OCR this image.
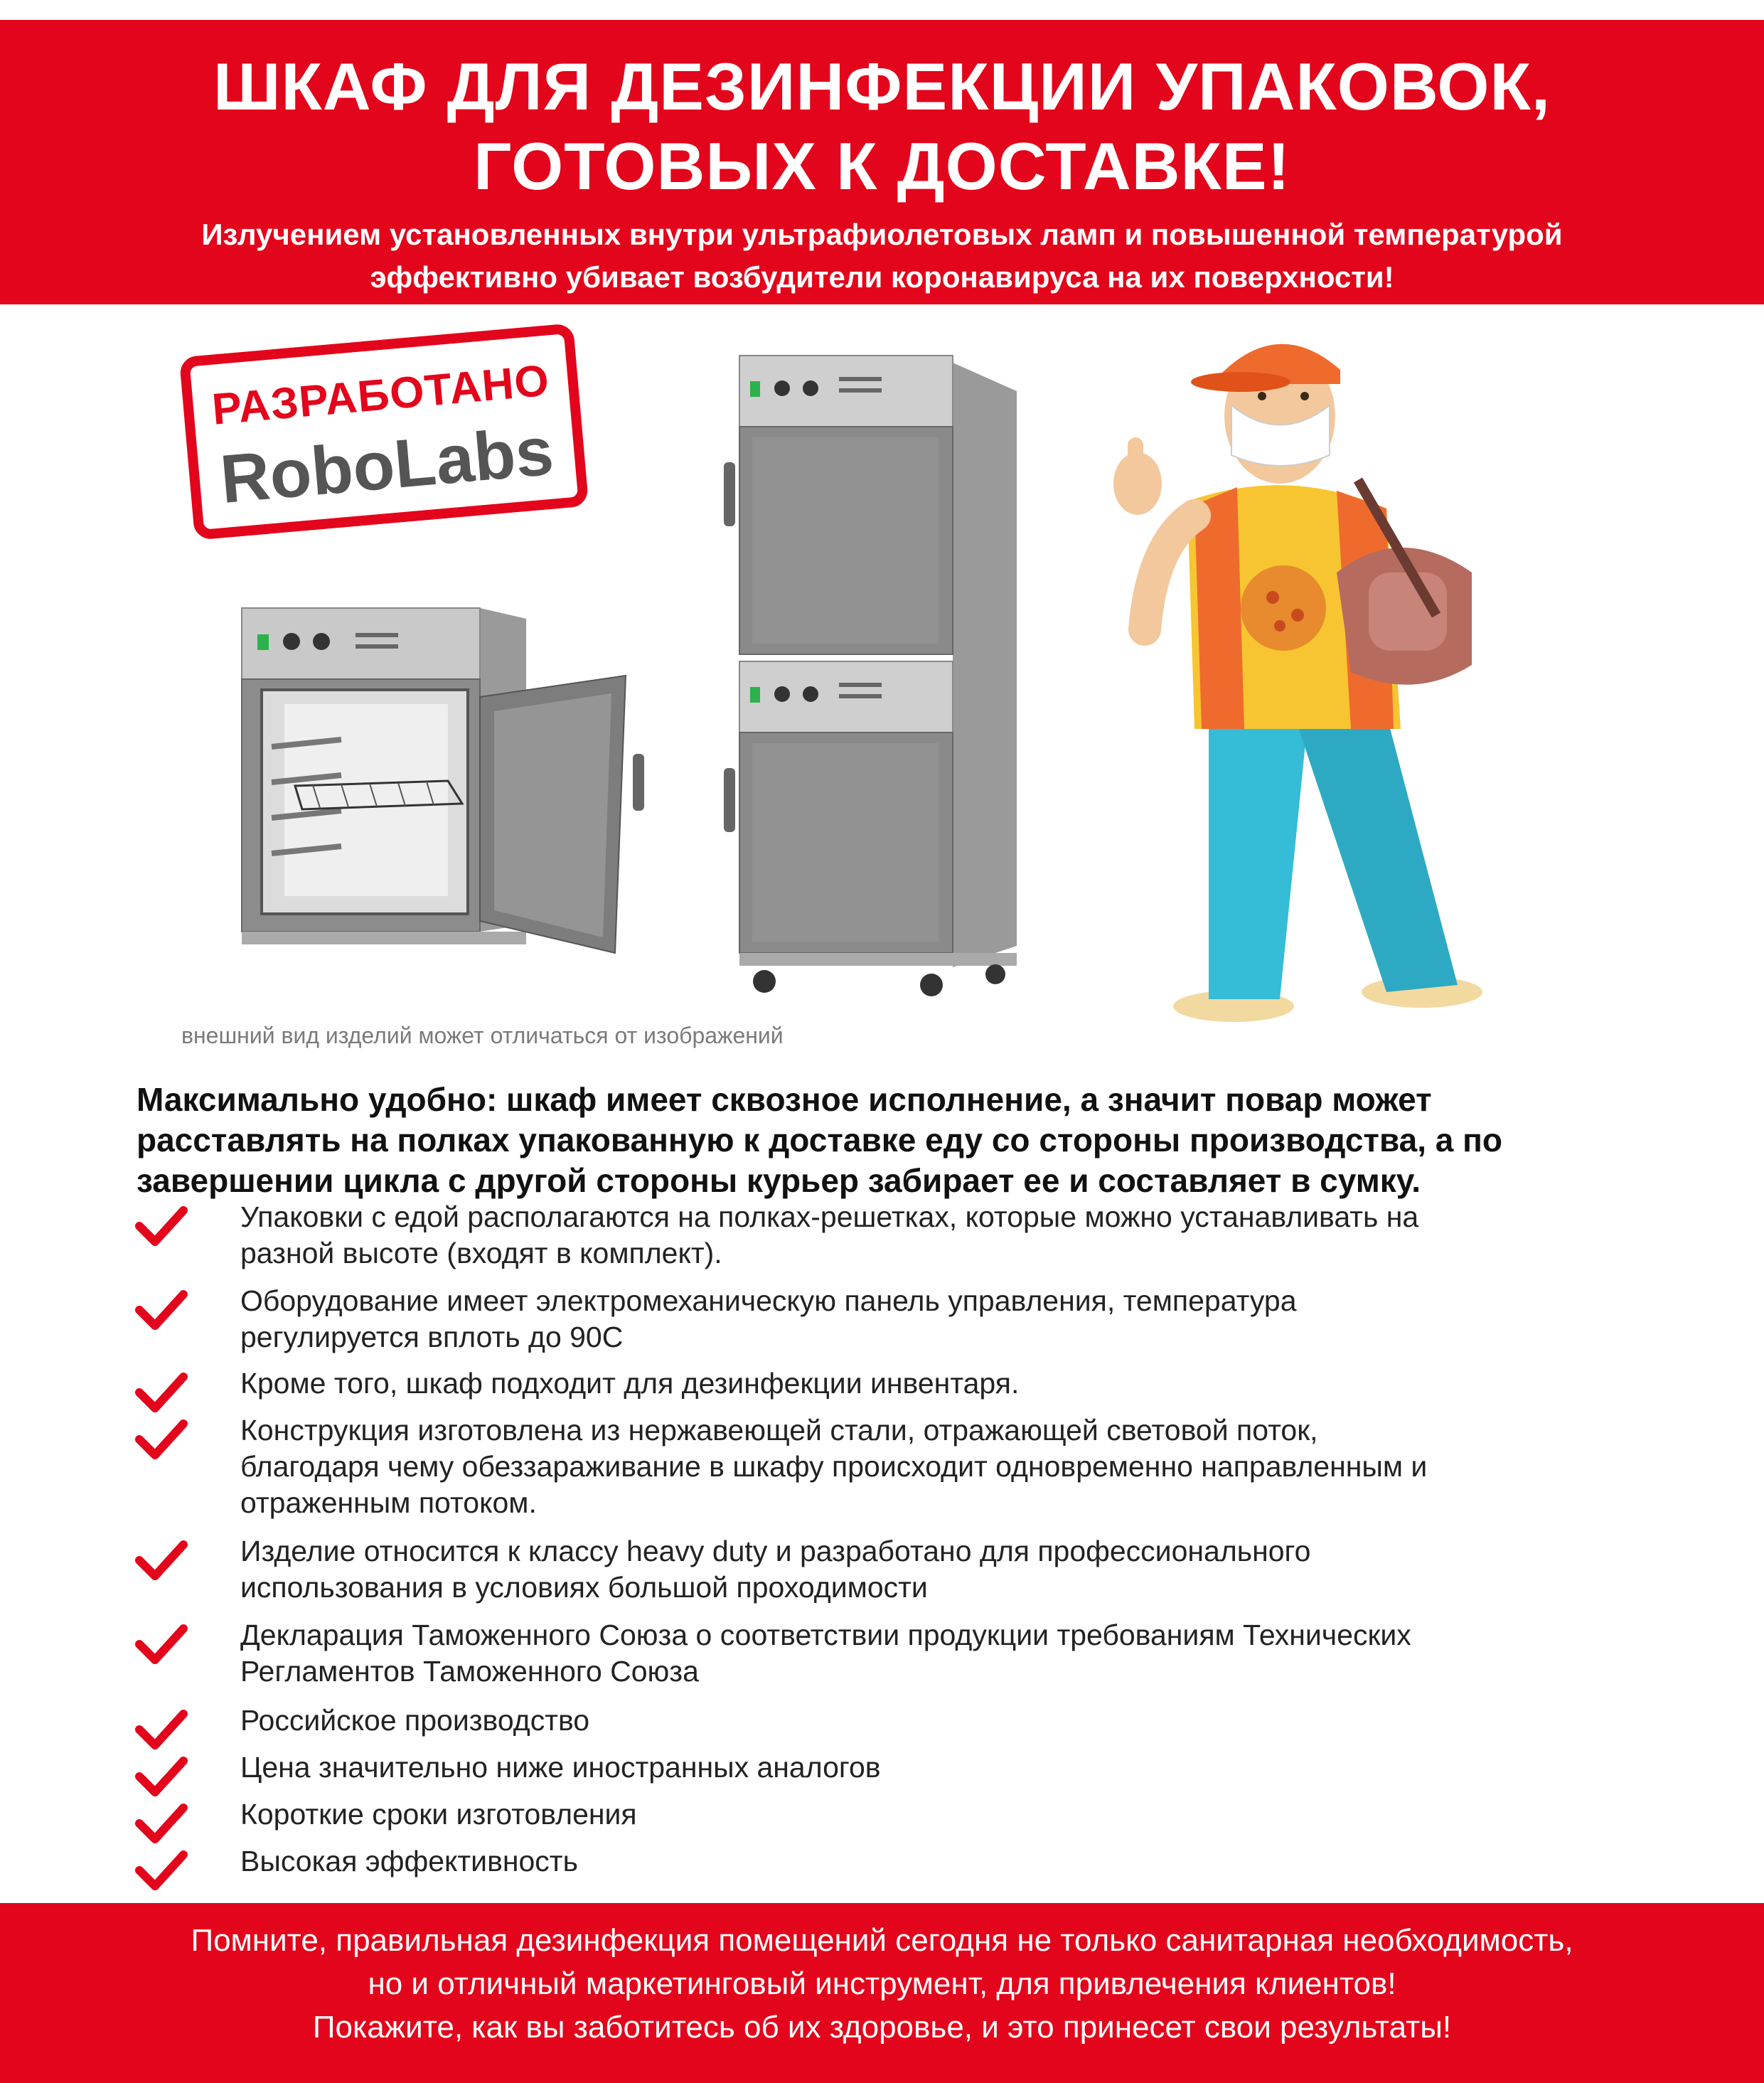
ШКАФ ДЛЯ ДЕЗИНФЕКЦИИ УПАКОВОК,
ГОТОВЫХ К ДОСТАВКЕ!
Излучением установленных внутри ультрафиолетовых ламп и повышенной температурой
эффективно убивает возбудители коронавируса на их поверхности!
РАЗРАБОТАНО
RoboLabs
внешний вид изделий может отличаться от изображений
Максимально удобно: шкаф имеет сквозное исполнение, а значит повар может
расставлять на полках упакованную к доставке еду со стороны производства, а по
завершении цикла с другой стороны курьер забирает ее и составляет в сумку.
Упаковки с едой располагаются на полках-решетках, которые можно устанавливать на
разной высоте (входят в комплект).
Оборудование имеет электромеханическую панель управления, температура
регулируется вплоть до 90С
Кроме того, шкаф подходит для дезинфекции инвентаря.
Конструкция изготовлена из нержавеющей стали, отражающей световой поток,
благодаря чему обеззараживание в шкафу происходит одновременно направленным и
отраженным потоком.
Изделие относится к классу heavy duty и разработано для профессионального
использования в условиях большой проходимости
Декларация Таможенного Союза о соответствии продукции требованиям Технических
Регламентов Таможенного Союза
Российское производство
Цена значительно ниже иностранных аналогов
Короткие сроки изготовления
Высокая эффективность
Помните, правильная дезинфекция помещений сегодня не только санитарная необходимость,
но и отличный маркетинговый инструмент, для привлечения клиентов!
Покажите, как вы заботитесь об их здоровье, и это принесет свои результаты!
